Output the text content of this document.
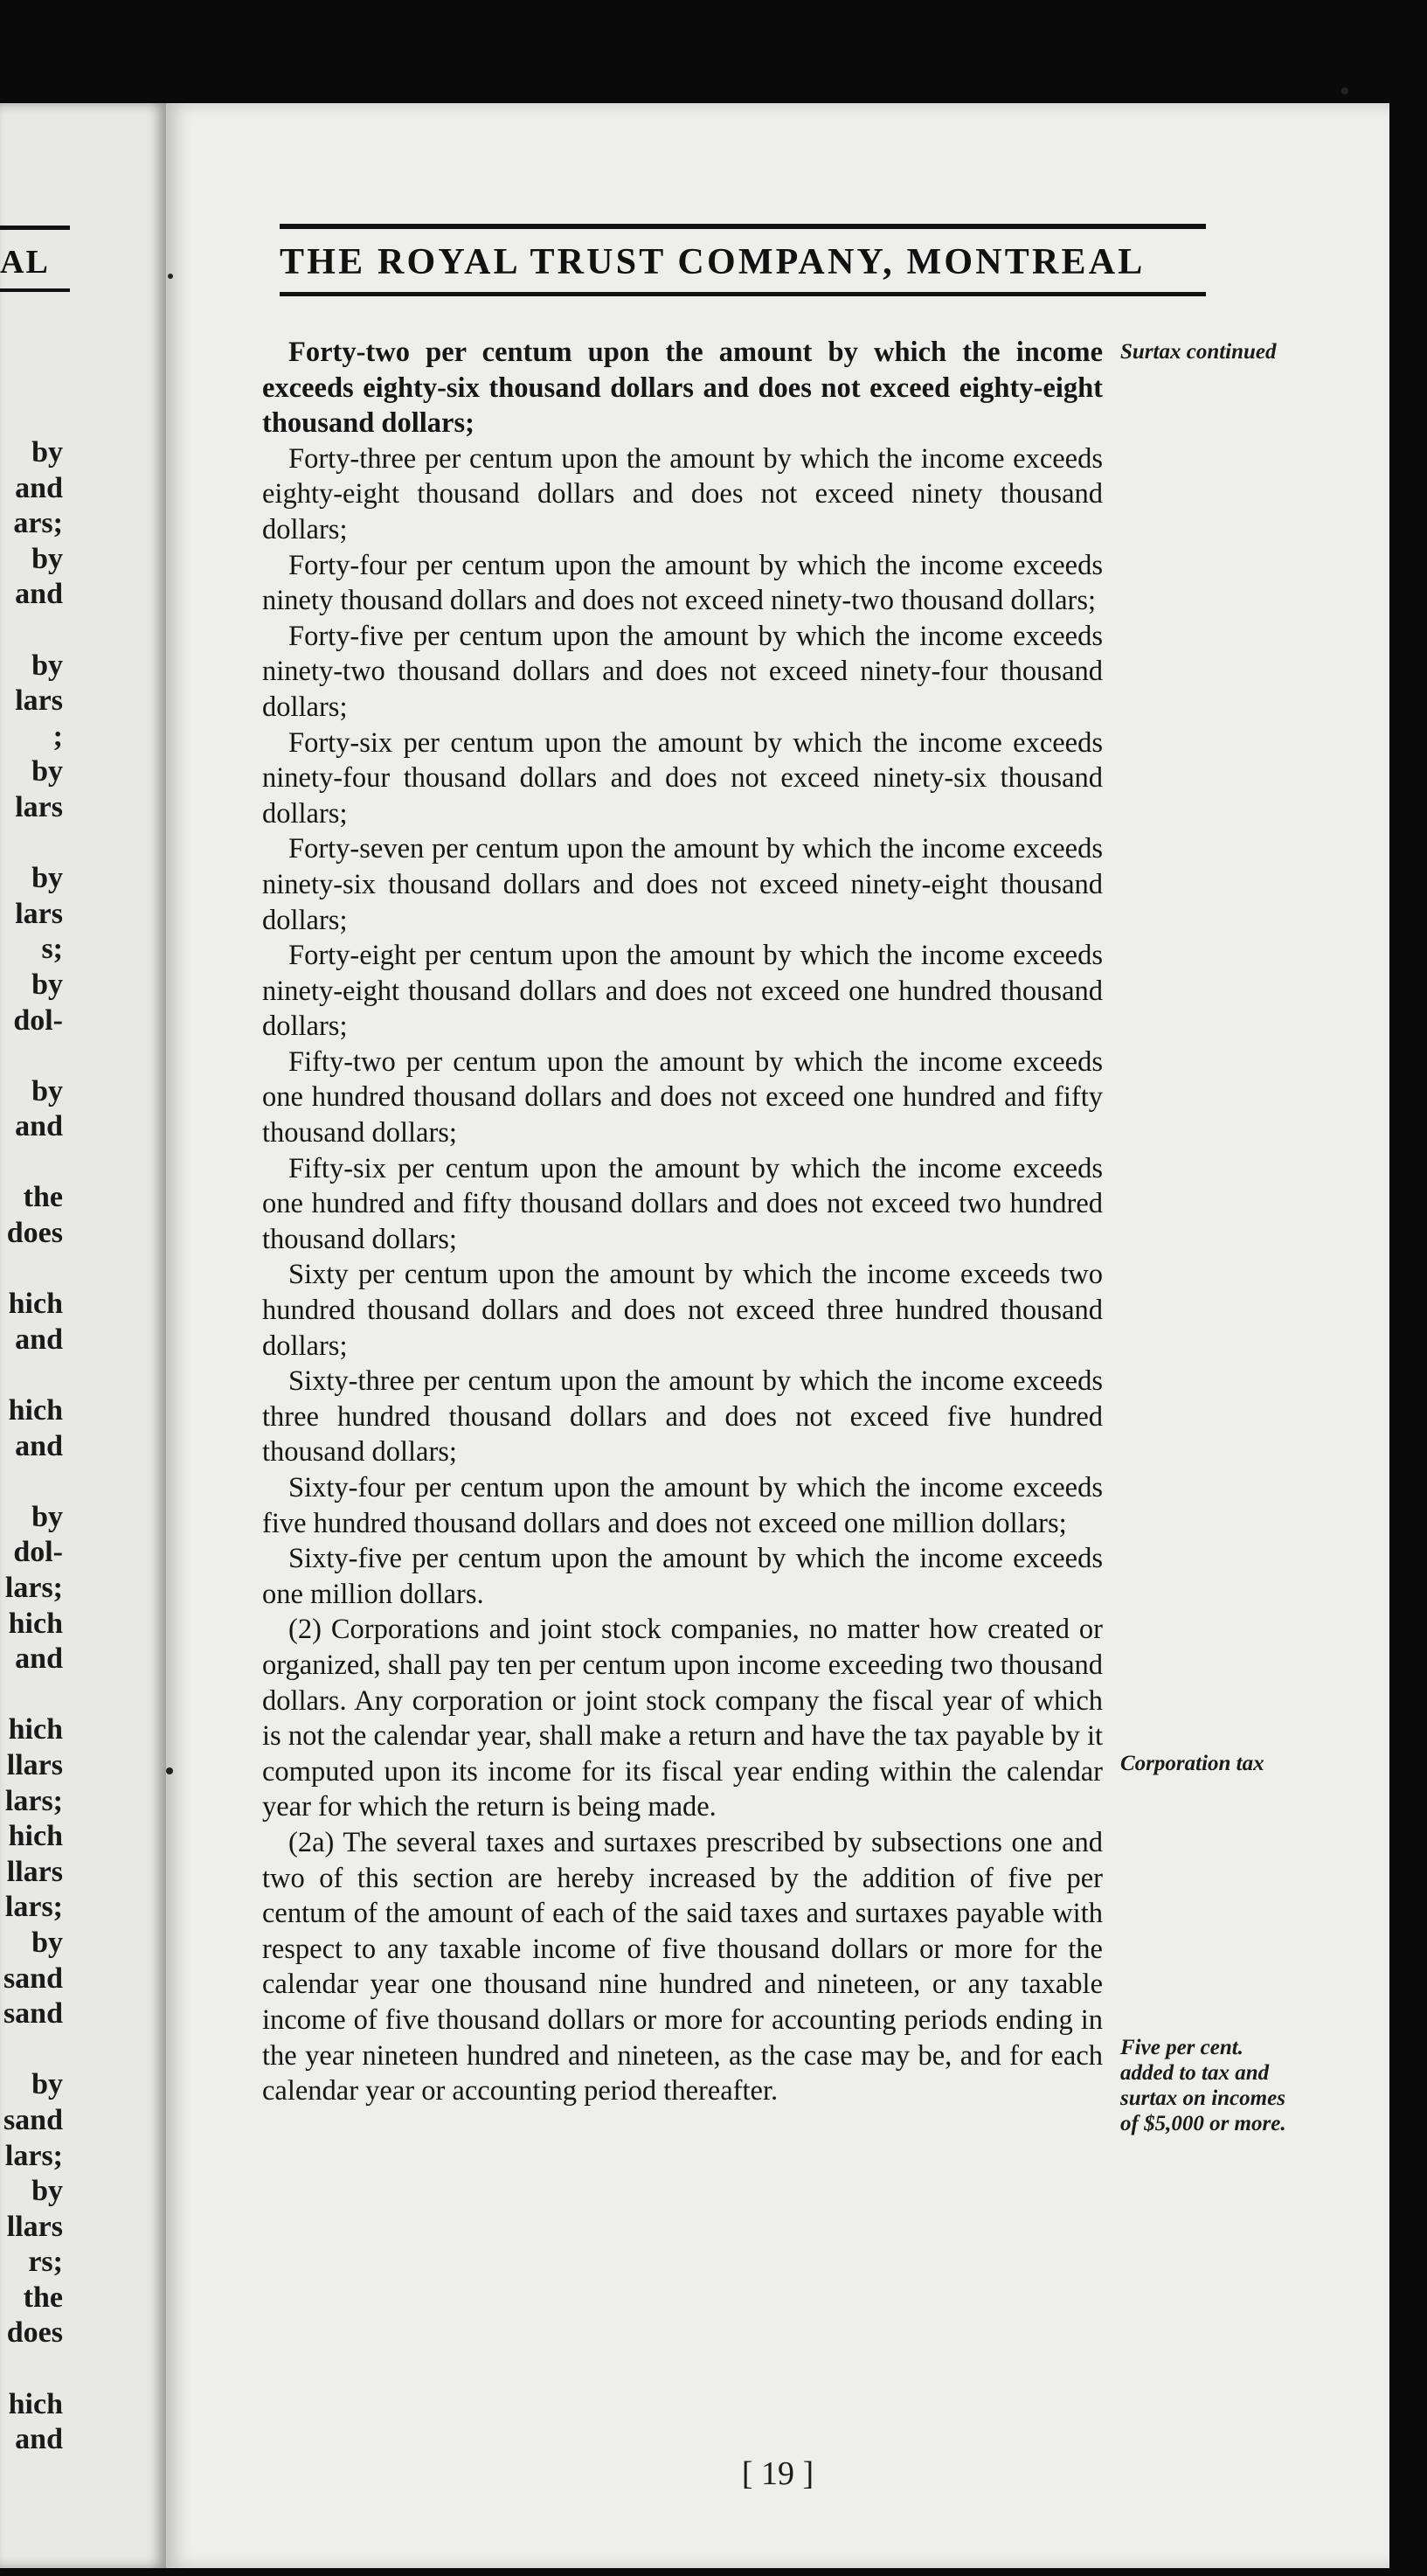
AL
by
and
ars;
by
and
by
lars
;
by
lars
by
lars
s;
by
dol-
by
and
the
does
hich
and
hich
and
by
dol-
lars;
hich
and
hich
llars
lars;
hich
llars
lars;
by
sand
sand
by
sand
lars;
by
llars
rs;
the
does
hich
and
THE ROYAL TRUST COMPANY, MONTREAL

Forty-two per centum upon the amount by which the income exceeds eighty-six thousand dollars and does not exceed eighty-eight thousand dollars;

Forty-three per centum upon the amount by which the income exceeds eighty-eight thousand dollars and does not exceed ninety thousand dollars;

Forty-four per centum upon the amount by which the income exceeds ninety thousand dollars and does not exceed ninety-two thousand dollars;

Forty-five per centum upon the amount by which the income exceeds ninety-two thousand dollars and does not exceed ninety-four thousand dollars;

Forty-six per centum upon the amount by which the income exceeds ninety-four thousand dollars and does not exceed ninety-six thousand dollars;

Forty-seven per centum upon the amount by which the income exceeds ninety-six thousand dollars and does not exceed ninety-eight thousand dollars;

Forty-eight per centum upon the amount by which the income exceeds ninety-eight thousand dollars and does not exceed one hundred thousand dollars;

Fifty-two per centum upon the amount by which the income exceeds one hundred thousand dollars and does not exceed one hundred and fifty thousand dollars;

Fifty-six per centum upon the amount by which the income exceeds one hundred and fifty thousand dollars and does not exceed two hundred thousand dollars;

Sixty per centum upon the amount by which the income exceeds two hundred thousand dollars and does not exceed three hundred thousand dollars;

Sixty-three per centum upon the amount by which the income exceeds three hundred thousand dollars and does not exceed five hundred thousand dollars;

Sixty-four per centum upon the amount by which the income exceeds five hundred thousand dollars and does not exceed one million dollars;

Sixty-five per centum upon the amount by which the income exceeds one million dollars.

(2) Corporations and joint stock companies, no matter how created or organized, shall pay ten per centum upon income exceeding two thousand dollars. Any corporation or joint stock company the fiscal year of which is not the calendar year, shall make a return and have the tax payable by it computed upon its income for its fiscal year ending within the calendar year for which the return is being made.

(2a) The several taxes and surtaxes prescribed by subsections one and two of this section are hereby increased by the addition of five per centum of the amount of each of the said taxes and surtaxes payable with respect to any taxable income of five thousand dollars or more for the calendar year one thousand nine hundred and nineteen, or any taxable income of five thousand dollars or more for accounting periods ending in the year nineteen hundred and nineteen, as the case may be, and for each calendar year or accounting period thereafter.

Surtax continued
Corporation tax
Five per cent. added to tax and surtax on incomes of $5,000 or more.
[ 19 ]
